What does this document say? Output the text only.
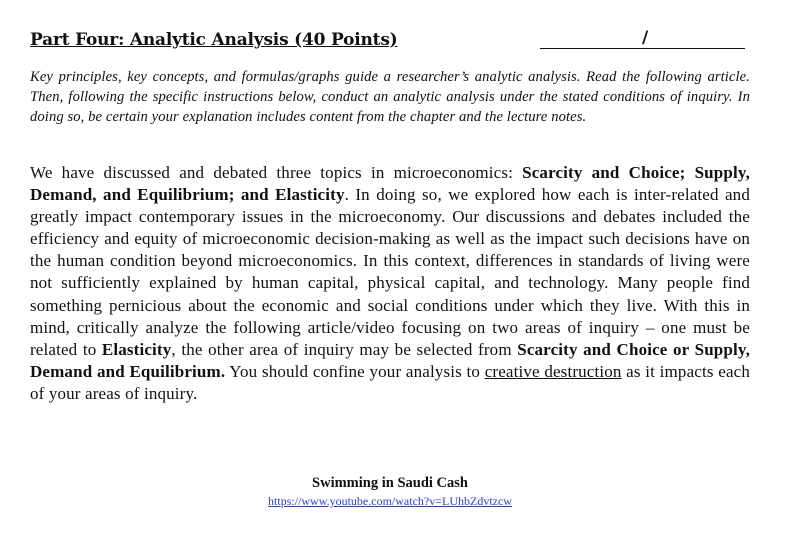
Part Four: Analytic Analysis (40 Points)	/

Key principles, key concepts, and formulas/graphs guide a researcher’s analytic analysis. Read the following article. Then, following the specific instructions below, conduct an analytic analysis under the stated conditions of inquiry. In doing so, be certain your explanation includes content from the chapter and the lecture notes.

We have discussed and debated three topics in microeconomics: Scarcity and Choice; Supply, Demand, and Equilibrium; and Elasticity. In doing so, we explored how each is inter-related and greatly impact contemporary issues in the microeconomy. Our discussions and debates included the efficiency and equity of microeconomic decision-making as well as the impact such decisions have on the human condition beyond microeconomics. In this context, differences in standards of living were not sufficiently explained by human capital, physical capital, and technology. Many people find something pernicious about the economic and social conditions under which they live. With this in mind, critically analyze the following article/video focusing on two areas of inquiry – one must be related to Elasticity, the other area of inquiry may be selected from Scarcity and Choice or Supply, Demand and Equilibrium. You should confine your analysis to creative destruction as it impacts each of your areas of inquiry.

Swimming in Saudi Cash
https://www.youtube.com/watch?v=LUhbZdvtzcw
